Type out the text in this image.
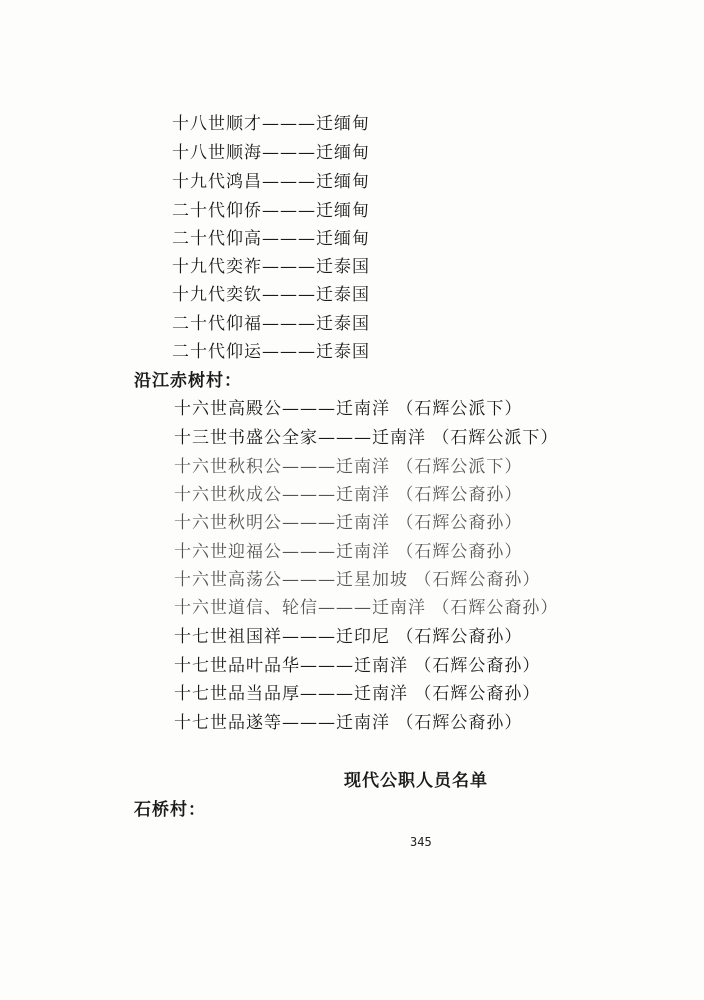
十八世顺才———迁缅甸
十八世顺海———迁缅甸
十九代鸿昌———迁缅甸
二十代仰侨———迁缅甸
二十代仰高———迁缅甸
十九代奕祚———迁泰国
十九代奕钦———迁泰国
二十代仰福———迁泰国
二十代仰运———迁泰国
沿江赤树村：
十六世高殿公———迁南洋 （石辉公派下）
十三世书盛公全家———迁南洋 （石辉公派下）
十六世秋积公———迁南洋 （石辉公派下）
十六世秋成公———迁南洋 （石辉公裔孙）
十六世秋明公———迁南洋 （石辉公裔孙）
十六世迎福公———迁南洋 （石辉公裔孙）
十六世高荡公———迁星加坡 （石辉公裔孙）
十六世道信、轮信———迁南洋 （石辉公裔孙）
十七世祖国祥———迁印尼 （石辉公裔孙）
十七世品叶品华———迁南洋 （石辉公裔孙）
十七世品当品厚———迁南洋 （石辉公裔孙）
十七世品遂等———迁南洋 （石辉公裔孙）
现代公职人员名单
石桥村：
345
